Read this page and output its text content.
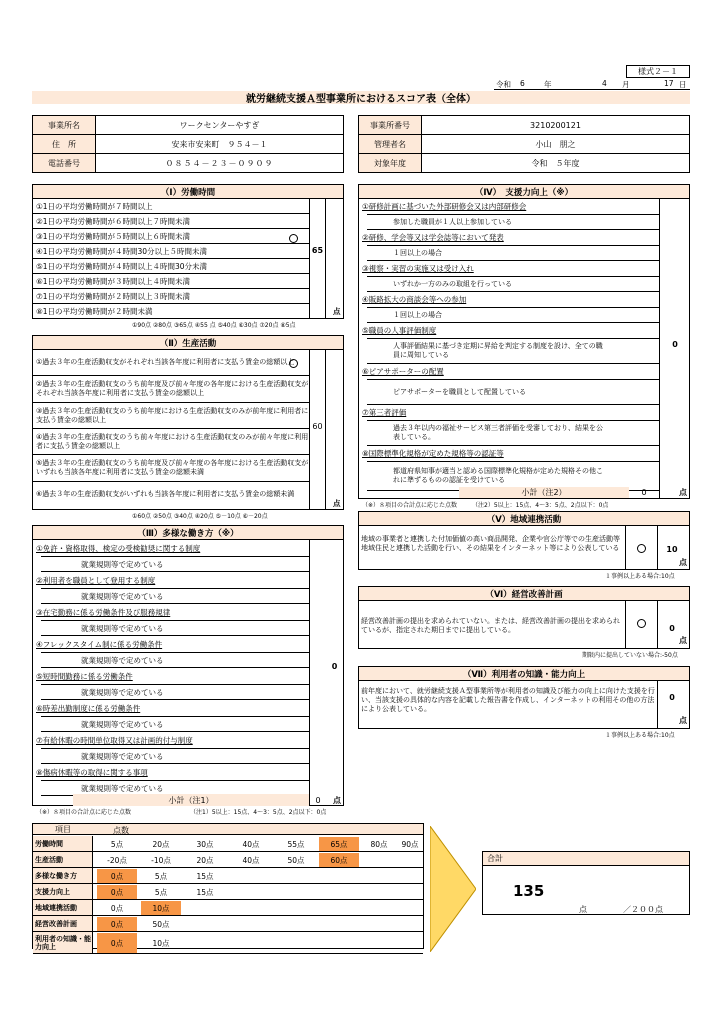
様式２－１
令和 6	年	4 月	17 日
就労継続支援Ａ型事業所におけるスコア表（全体）
事業所名	ワークセンターやすぎ
住　所	安来市安来町　９５４－１
電話番号	０８５４－２３－０９０９
事業所番号	3210200121
管理者名	小山　朋之
対象年度	令和　５年度
（Ⅰ）労働時間
①1日の平均労働時間が７時間以上
②1日の平均労働時間が６時間以上７時間未満
③1日の平均労働時間が５時間以上６時間未満
④1日の平均労働時間が４時間30分以上５時間未満
⑤1日の平均労働時間が４時間以上４時間30分未満
⑥1日の平均労働時間が３時間以上４時間未満
⑦1日の平均労働時間が２時間以上３時間未満
⑧1日の平均労働時間が２時間未満
65
点
①90点 ②80点 ③65点 ④55 点 ⑤40点 ⑥30点 ⑦20点 ⑧5点
（Ⅱ）生産活動
①過去３年の生産活動収支がそれぞれ当該各年度に利用者に支払う賃金の総額以上
②過去３年の生産活動収支のうち前年度及び前々年度の各年度における生産活動収支がそれぞれ当該各年度に利用者に支払う賃金の総額以上
③過去３年の生産活動収支のうち前年度における生産活動収支のみが前年度に利用者に支払う賃金の総額以上
④過去３年の生産活動収支のうち前々年度における生産活動収支のみが前々年度に利用者に支払う賃金の総額以上
⑤過去３年の生産活動収支のうち前年度及び前々年度の各年度における生産活動収支がいずれも当該各年度に利用者に支払う賃金の総額未満
⑥過去３年の生産活動収支がいずれも当該各年度に利用者に支払う賃金の総額未満
60
点
①60点 ②50点 ③40点 ④20点 ⑤－10点 ⑥－20点
（Ⅲ）多様な働き方（※）
①免許・資格取得、検定の受検勧奨に関する制度
就業規則等で定めている
②利用者を職員として登用する制度
就業規則等で定めている
③在宅勤務に係る労働条件及び服務規律
就業規則等で定めている
④フレックスタイム制に係る労働条件
就業規則等で定めている
⑤短時間勤務に係る労働条件
就業規則等で定めている
⑥時差出勤制度に係る労働条件
就業規則等で定めている
⑦有給休暇の時間単位取得又は計画的付与制度
就業規則等で定めている
⑧傷病休暇等の取得に関する事項
就業規則等で定めている
0
小計（注1）	0	点
（※）８項目の合計点に応じた点数	（注1）5以上：15点、4～3：5点、2点以下：0点
（Ⅳ）　支援力向上（※）
①研修計画に基づいた外部研修会又は内部研修会
参加した職員が１人以上参加している
②研修、学会等又は学会誌等において発表
１回以上の場合
③視察・実習の実施又は受け入れ
いずれか一方のみの取組を行っている
④販路拡大の商談会等への参加
１回以上の場合
⑤職員の人事評価制度
人事評価結果に基づき定期に昇給を判定する制度を設け、全ての職員に周知している
⑥ピアサポーターの配置
ピアサポーターを職員として配置している
⑦第三者評価
過去３年以内の福祉サービス第三者評価を受審しており、結果を公表している。
⑧国際標準化規格が定めた規格等の認証等
都道府県知事が適当と認める国際標準化規格が定めた規格その他これに準ずるものの認証を受けている
0
小計（注2）	0	点
（※）８項目の合計点に応じた点数　　　（注2）5以上：15点、4～3：5点、2点以下：0点
（Ⅴ）地域連携活動
地域の事業者と連携した付加価値の高い商品開発、企業や官公庁等での生産活動等地域住民と連携した活動を行い、その結果をインターネット等により公表している	10
点
１事例以上ある場合:10点
（Ⅵ）経営改善計画
経営改善計画の提出を求められていない。または、経営改善計画の提出を求められているが、指定された期日までに提出している。	0
点
期限内に提出していない場合:-50点
（Ⅶ）利用者の知識・能力向上
前年度において、就労継続支援Ａ型事業所等が利用者の知識及び能力の向上に向けた支援を行い、当該支援の具体的な内容を記載した報告書を作成し、インターネットの利用その他の方法により公表している。
0
点
１事例以上ある場合:10点
項目	点数
労働時間	5点	20点	30点	40点	55点	65点	80点	90点
生産活動	-20点	-10点	20点	40点	50点	60点
多様な働き方	0点	5点	15点
支援力向上	0点	5点	15点
地域連携活動	0点	10点
経営改善計画	0点	50点
利用者の知識・能力向上	0点	10点
合計
135
点	／２００点
